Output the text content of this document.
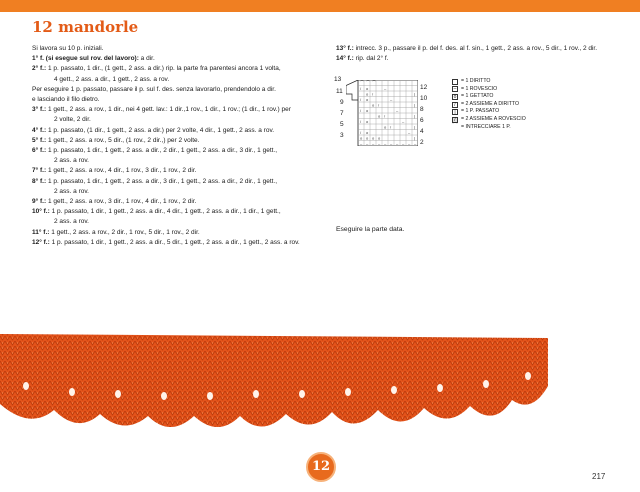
12 mandorle

Si lavora su 10 p. iniziali.

1° f. (si esegue sul rov. del lavoro): a dir.

2° f.: 1 p. passato, 1 dir., (1 gett., 2 ass. a dir.) rip. la parte fra parentesi ancora 1 volta,

4 gett., 2 ass. a dir., 1 gett., 2 ass. a rov.

Per eseguire 1 p. passato, passare il p. sul f. des. senza lavorarlo, prendendolo a dir.

e lasciando il filo dietro.

3° f.: 1 gett., 2 ass. a rov., 1 dir., nei 4 gett. lav.: 1 dir.,1 rov., 1 dir., 1 rov.; (1 dir., 1 rov.) per

2 volte, 2 dir.

4° f.: 1 p. passato, (1 dir., 1 gett., 2 ass. a dir.) per 2 volte, 4 dir., 1 gett., 2 ass. a rov.

5° f.: 1 gett., 2 ass. a rov., 5 dir., (1 rov., 2 dir.,) per 2 volte.

6° f.: 1 p. passato, 1 dir., 1 gett., 2 ass. a dir., 2 dir., 1 gett., 2 ass. a dir., 3 dir., 1 gett.,

2 ass. a rov.

7° f.: 1 gett., 2 ass. a rov., 4 dir., 1 rov., 3 dir., 1 rov., 2 dir.

8° f.: 1 p. passato, 1 dir., 1 gett., 2 ass. a dir., 3 dir., 1 gett., 2 ass. a dir., 2 dir., 1 gett.,

2 ass. a rov.

9° f.: 1 gett., 2 ass. a rov., 3 dir., 1 rov., 4 dir., 1 rov., 2 dir.

10° f.: 1 p. passato, 1 dir., 1 gett., 2 ass. a dir., 4 dir., 1 gett., 2 ass. a dir., 1 dir., 1 gett.,

2 ass. a rov.

11° f.: 1 gett., 2 ass. a rov., 2 dir., 1 rov., 5 dir., 1 rov., 2 dir.

12° f.: 1 p. passato, 1 dir., 1 gett., 2 ass. a dir., 5 dir., 1 gett., 2 ass. a dir., 1 gett., 2 ass. a rov.

13° f.: intrecc. 3 p., passare il p. del f. des. al f. sin., 1 gett., 2 ass. a rov., 5 dir., 1 rov., 2 dir.

14° f.: rip. dal 2° f.

13
11
9
7
5
3
⌒ ⌒ ⌒
/ o	–
o /	|
/ o	–
o /	|
/ o	–
o /	|
/ o	–
o /	|
/ o	–
o o o o	|
– – – – – – – – – –
12
10
8
6
4
2
= 1 DIRITTO
– = 1 ROVESCIO
o = 1 GETTATO
/	= 2 ASSIEME A DIRITTO
|	= 1 P. PASSATO
/	= 2 ASSIEME A ROVESCIO
⌒ = INTRECCIARE 1 P.
Eseguire la parte data.
12
217
